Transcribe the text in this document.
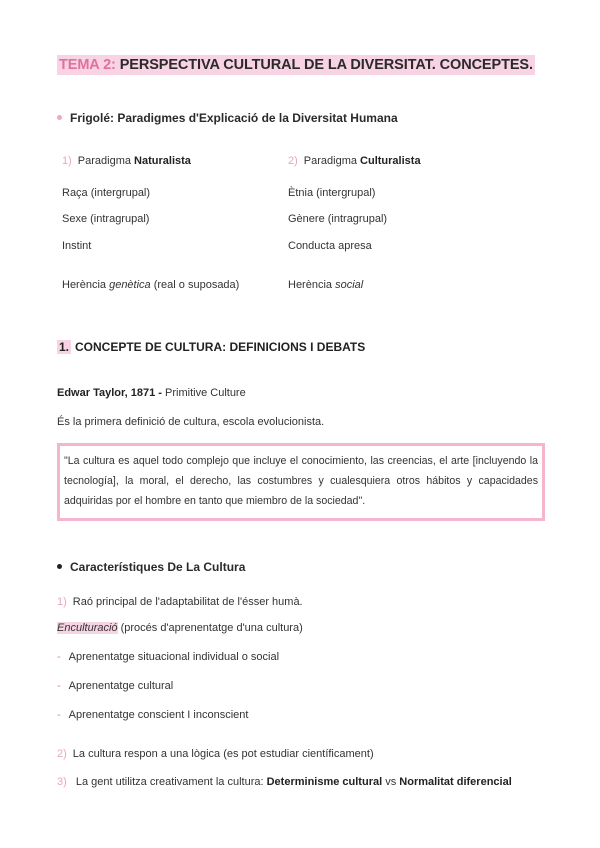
TEMA 2: PERSPECTIVA CULTURAL DE LA DIVERSITAT. CONCEPTES.
Frigolé: Paradigmes d'Explicació de la Diversitat Humana
1) Paradigma Naturalista	2) Paradigma Culturalista
Raça (intergrupal)	Ètnia (intergrupal)
Sexe (intragrupal)	Gènere (intragrupal)
Instint	Conducta apresa
Herència genètica (real o suposada)	Herència social
1. CONCEPTE DE CULTURA: DEFINICIONS I DEBATS
Edwar Taylor, 1871 - Primitive Culture
És la primera definició de cultura, escola evolucionista.
"La cultura es aquel todo complejo que incluye el conocimiento, las creencias, el arte [incluyendo la tecnología], la moral, el derecho, las costumbres y cualesquiera otros hábitos y capacidades adquiridas por el hombre en tanto que miembro de la sociedad".
Característiques De La Cultura
1) Raó principal de l'adaptabilitat de l'ésser humà.
Enculturació (procés d'aprenentatge d'una cultura)
- Aprenentatge situacional individual o social
- Aprenentatge cultural
- Aprenentatge conscient I inconscient
2) La cultura respon a una lògica (es pot estudiar científicament)
3) La gent utilitza creativament la cultura: Determinisme cultural vs Normalitat diferencial
